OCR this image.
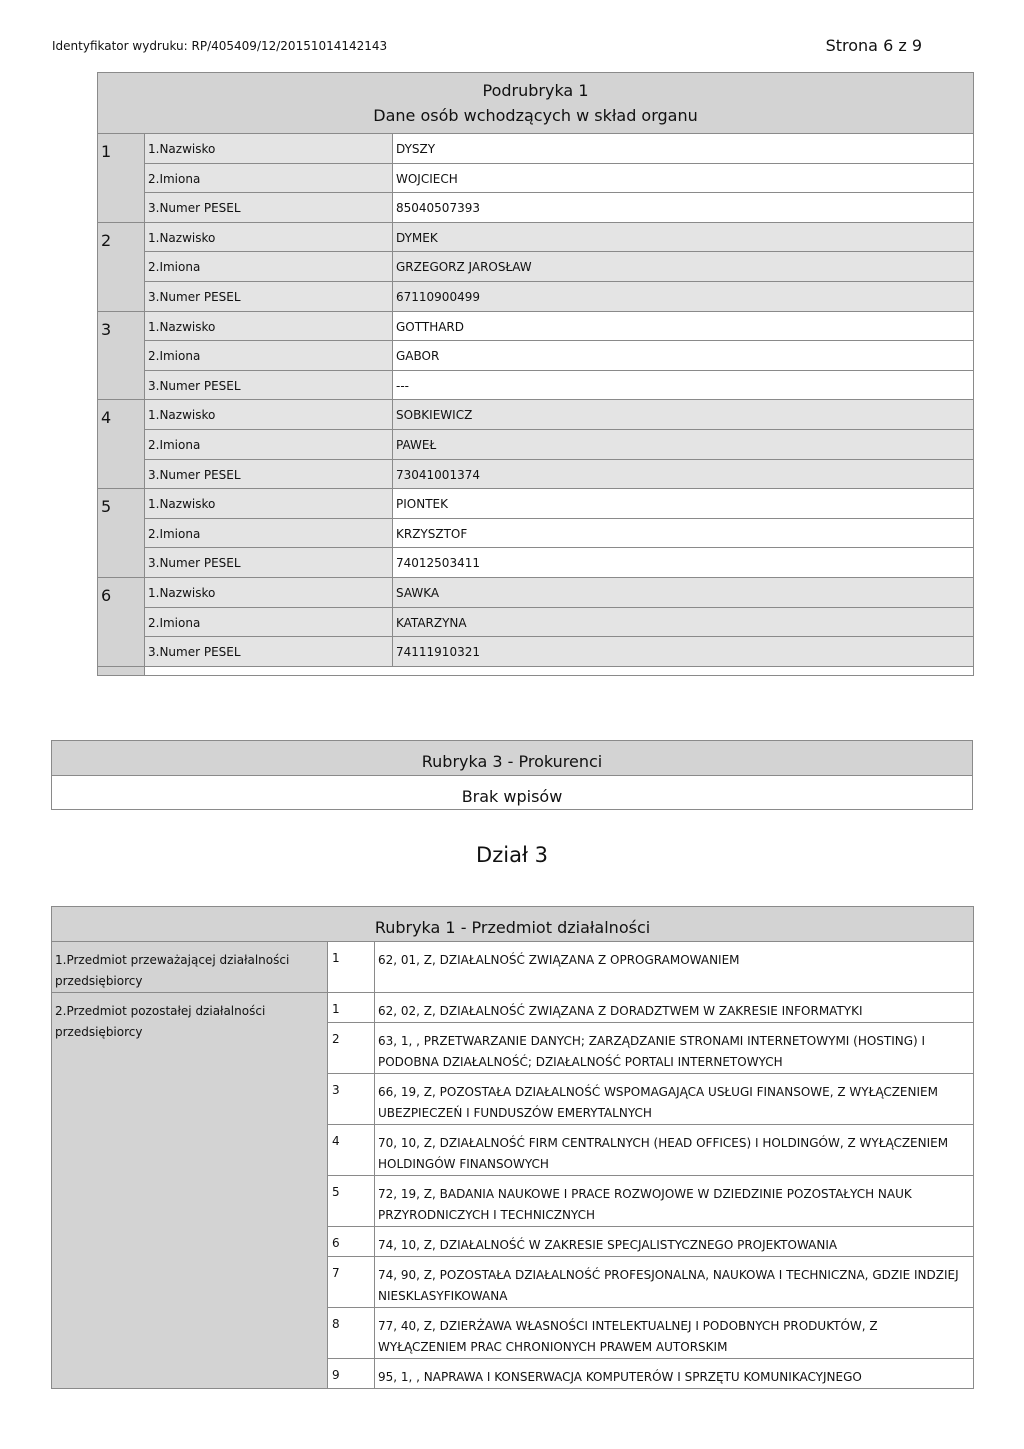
Identyfikator wydruku: RP/405409/12/20151014142143	Strona 6 z 9
Podrubryka 1
Dane osób wchodzących w skład organu		

1	1.Nazwisko	DYSZY
	2.Imiona	WOJCIECH
	3.Numer PESEL	85040507393
2	1.Nazwisko	DYMEK
	2.Imiona	GRZEGORZ JAROSŁAW
	3.Numer PESEL	67110900499
3	1.Nazwisko	GOTTHARD
	2.Imiona	GABOR
	3.Numer PESEL	---
4	1.Nazwisko	SOBKIEWICZ
	2.Imiona	PAWEŁ
	3.Numer PESEL	73041001374
5	1.Nazwisko	PIONTEK
	2.Imiona	KRZYSZTOF
	3.Numer PESEL	74012503411
6	1.Nazwisko	SAWKA
	2.Imiona	KATARZYNA
	3.Numer PESEL	74111910321

Rubryka 3 - Prokurenci
Brak wpisów
Dział 3
Rubryka 1 - Przedmiot działalności		
1.Przedmiot przeważającej działalności przedsiębiorcy	1	62, 01, Z, DZIAŁALNOŚĆ ZWIĄZANA Z OPROGRAMOWANIEM
2.Przedmiot pozostałej działalności przedsiębiorcy	1	62, 02, Z, DZIAŁALNOŚĆ ZWIĄZANA Z DORADZTWEM W ZAKRESIE INFORMATYKI
	2	63, 1, , PRZETWARZANIE DANYCH; ZARZĄDZANIE STRONAMI INTERNETOWYMI (HOSTING) I PODOBNA DZIAŁALNOŚĆ; DZIAŁALNOŚĆ PORTALI INTERNETOWYCH
	3	66, 19, Z, POZOSTAŁA DZIAŁALNOŚĆ WSPOMAGAJĄCA USŁUGI FINANSOWE, Z WYŁĄCZENIEM UBEZPIECZEŃ I FUNDUSZÓW EMERYTALNYCH
	4	70, 10, Z, DZIAŁALNOŚĆ FIRM CENTRALNYCH (HEAD OFFICES) I HOLDINGÓW, Z WYŁĄCZENIEM HOLDINGÓW FINANSOWYCH
	5	72, 19, Z, BADANIA NAUKOWE I PRACE ROZWOJOWE W DZIEDZINIE POZOSTAŁYCH NAUK PRZYRODNICZYCH I TECHNICZNYCH
	6	74, 10, Z, DZIAŁALNOŚĆ W ZAKRESIE SPECJALISTYCZNEGO PROJEKTOWANIA
	7	74, 90, Z, POZOSTAŁA DZIAŁALNOŚĆ PROFESJONALNA, NAUKOWA I TECHNICZNA, GDZIE INDZIEJ NIESKLASYFIKOWANA
	8	77, 40, Z, DZIERŻAWA WŁASNOŚCI INTELEKTUALNEJ I PODOBNYCH PRODUKTÓW, Z WYŁĄCZENIEM PRAC CHRONIONYCH PRAWEM AUTORSKIM
	9	95, 1, , NAPRAWA I KONSERWACJA KOMPUTERÓW I SPRZĘTU KOMUNIKACYJNEGO
